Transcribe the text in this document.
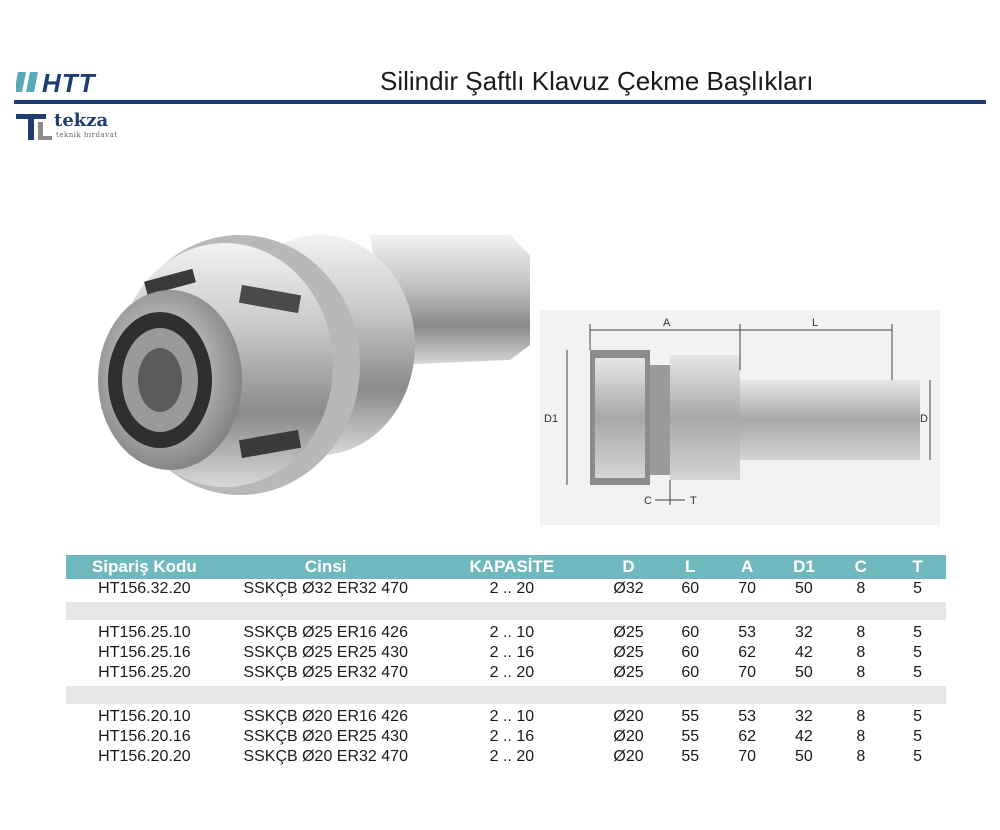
HTT	Silindir Şaftlı Klavuz Çekme Başlıkları
tekza
teknik hırdavat
A	L
D1	D
C	T
Sipariş Kodu	Cinsi	KAPASİTE	D	L	A	D1	C	T
HT156.32.20	SSKÇB Ø32 ER32 470	2 .. 20	Ø32	60	70	50	8	5
HT156.25.10	SSKÇB Ø25 ER16 426	2 .. 10	Ø25	60	53	32	8	5
HT156.25.16	SSKÇB Ø25 ER25 430	2 .. 16	Ø25	60	62	42	8	5
HT156.25.20	SSKÇB Ø25 ER32 470	2 .. 20	Ø25	60	70	50	8	5
HT156.20.10	SSKÇB Ø20 ER16 426	2 .. 10	Ø20	55	53	32	8	5
HT156.20.16	SSKÇB Ø20 ER25 430	2 .. 16	Ø20	55	62	42	8	5
HT156.20.20	SSKÇB Ø20 ER32 470	2 .. 20	Ø20	55	70	50	8	5
